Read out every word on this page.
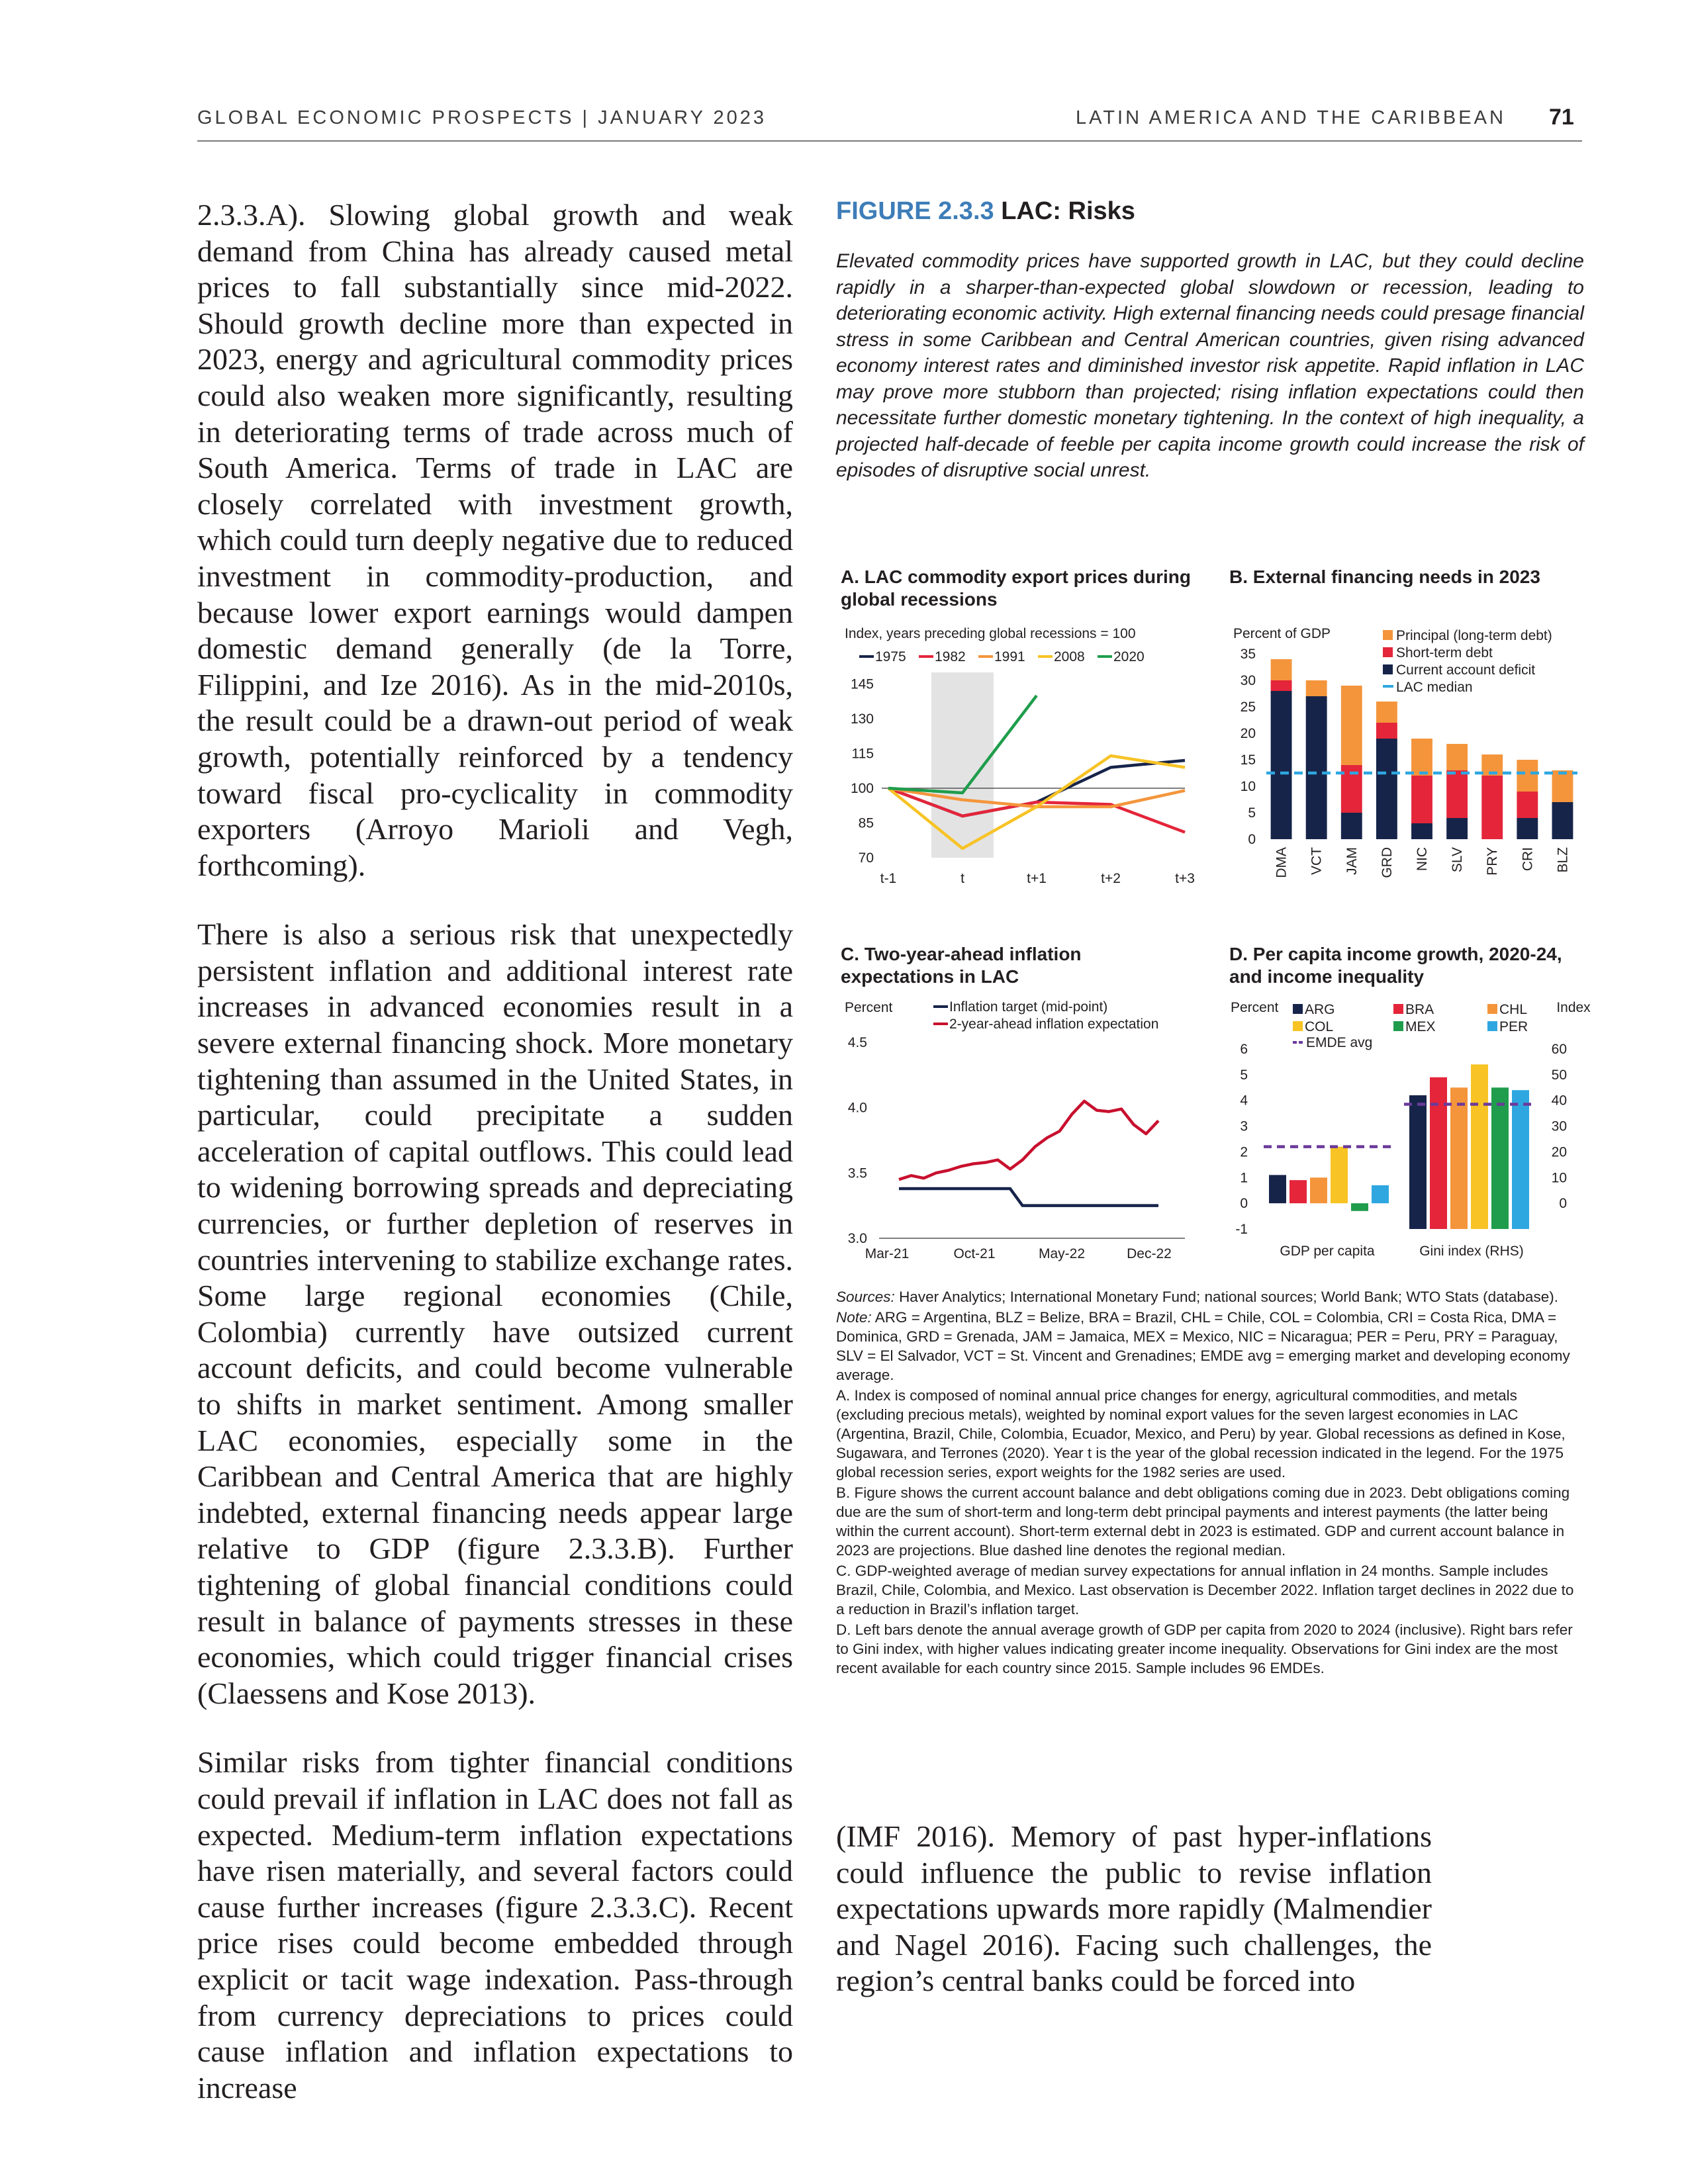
GLOBAL ECONOMIC PROSPECTS | JANUARY 2023	LATIN AMERICA AND THE CARIBBEAN 71

2.3.3.A). Slowing global growth and weak demand from China has already caused metal prices to fall substantially since mid-2022. Should growth decline more than expected in 2023, energy and agricultural commodity prices could also weaken more significantly, resulting in deteriorating terms of trade across much of South America. Terms of trade in LAC are closely correlated with investment growth, which could turn deeply negative due to reduced investment in commodity-production, and because lower export earnings would dampen domestic demand generally (de la Torre, Filippini, and Ize 2016). As in the mid-2010s, the result could be a drawn-out period of weak growth, potentially reinforced by a tendency toward fiscal pro-cyclicality in commodity exporters (Arroyo Marioli and Vegh, forthcoming).

There is also a serious risk that unexpectedly persistent inflation and additional interest rate increases in advanced economies result in a severe external financing shock. More monetary tightening than assumed in the United States, in particular, could precipitate a sudden acceleration of capital outflows. This could lead to widening borrowing spreads and depreciating currencies, or further depletion of reserves in countries intervening to stabilize exchange rates. Some large regional economies (Chile, Colombia) currently have outsized current account deficits, and could become vulnerable to shifts in market sentiment. Among smaller LAC economies, especially some in the Caribbean and Central America that are highly indebted, external financing needs appear large relative to GDP (figure 2.3.3.B). Further tightening of global financial conditions could result in balance of payments stresses in these economies, which could trigger financial crises (Claessens and Kose 2013).

Similar risks from tighter financial conditions could prevail if inflation in LAC does not fall as expected. Medium-term inflation expectations have risen materially, and several factors could cause further increases (figure 2.3.3.C). Recent price rises could become embedded through explicit or tacit wage indexation. Pass-through from currency depreciations to prices could cause inflation and inflation expectations to increase

FIGURE 2.3.3 LAC: Risks
Elevated commodity prices have supported growth in LAC, but they could decline rapidly in a sharper-than-expected global slowdown or recession, leading to deteriorating economic activity. High external financing needs could presage financial stress in some Caribbean and Central American countries, given rising advanced economy interest rates and diminished investor risk appetite. Rapid inflation in LAC may prove more stubborn than projected; rising inflation expectations could then necessitate further domestic monetary tightening. In the context of high inequality, a projected half-decade of feeble per capita income growth could increase the risk of episodes of disruptive social unrest.
A. LAC commodity export prices during global recessions
B. External financing needs in 2023
C. Two-year-ahead inflation expectations in LAC
D. Per capita income growth, 2020-24, and income inequality
Index, years preceding global recessions = 100
70
85
100
115
130
145
t-1	t	t+1	t+2	t+3
1975 1982 1991 2008 2020
Percent of GDP
0
5
10
15
20
25
30
35
DMA VCT JAM GRD NIC SLV PRY CRI BLZ
Principal (long-term debt)
Short-term debt
Current account deficit
LAC median
Percent
3.0
3.5
4.0
4.5
Mar-21	Oct-21	May-22	Dec-22
Inflation target (mid-point)
2-year-ahead inflation expectation
Percent	Index
-1
0
1
2
3
4
5
6
0
10
20
30
40
50
60
GDP per capita	Gini index (RHS)
ARG	BRA	CHL
COL	MEX	PER
EMDE avg

Sources: Haver Analytics; International Monetary Fund; national sources; World Bank; WTO Stats (database).

Note: ARG = Argentina, BLZ = Belize, BRA = Brazil, CHL = Chile, COL = Colombia, CRI = Costa Rica, DMA = Dominica, GRD = Grenada, JAM = Jamaica, MEX = Mexico, NIC = Nicaragua; PER = Peru, PRY = Paraguay, SLV = El Salvador, VCT = St. Vincent and Grenadines; EMDE avg = emerging market and developing economy average.

A. Index is composed of nominal annual price changes for energy, agricultural commodities, and metals (excluding precious metals), weighted by nominal export values for the seven largest economies in LAC (Argentina, Brazil, Chile, Colombia, Ecuador, Mexico, and Peru) by year. Global recessions as defined in Kose, Sugawara, and Terrones (2020). Year t is the year of the global recession indicated in the legend. For the 1975 global recession series, export weights for the 1982 series are used.

B. Figure shows the current account balance and debt obligations coming due in 2023. Debt obligations coming due are the sum of short-term and long-term debt principal payments and interest payments (the latter being within the current account). Short-term external debt in 2023 is estimated. GDP and current account balance in 2023 are projections. Blue dashed line denotes the regional median.

C. GDP-weighted average of median survey expectations for annual inflation in 24 months. Sample includes Brazil, Chile, Colombia, and Mexico. Last observation is December 2022. Inflation target declines in 2022 due to a reduction in Brazil’s inflation target.

D. Left bars denote the annual average growth of GDP per capita from 2020 to 2024 (inclusive). Right bars refer to Gini index, with higher values indicating greater income inequality. Observations for Gini index are the most recent available for each country since 2015. Sample includes 96 EMDEs.

(IMF 2016). Memory of past hyper-inflations could influence the public to revise inflation expectations upwards more rapidly (Malmendier and Nagel 2016). Facing such challenges, the region’s central banks could be forced into
